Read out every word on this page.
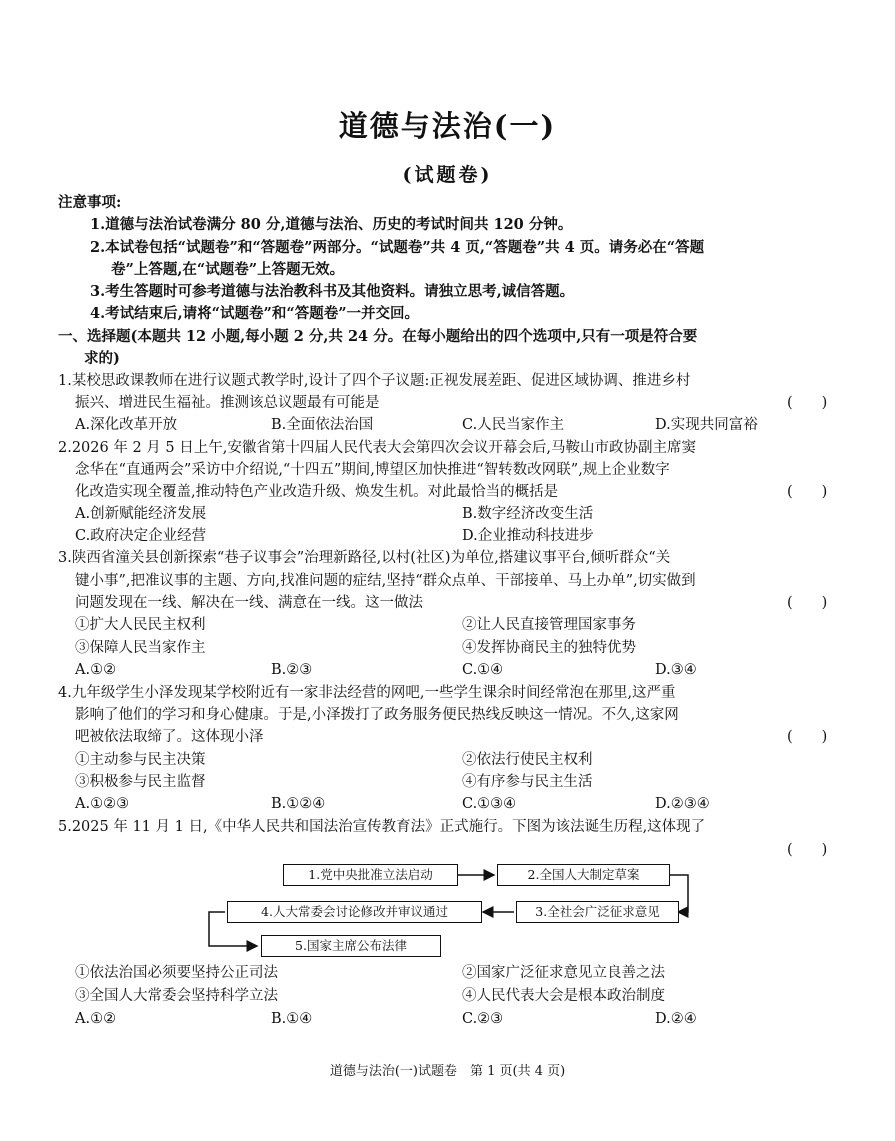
道德与法治(一)
(试题卷)
注意事项:
1.道德与法治试卷满分 80 分,道德与法治、历史的考试时间共 120 分钟。
2.本试卷包括“试题卷”和“答题卷”两部分。“试题卷”共 4 页,“答题卷”共 4 页。请务必在“答题
卷”上答题,在“试题卷”上答题无效。
3.考生答题时可参考道德与法治教科书及其他资料。请独立思考,诚信答题。
4.考试结束后,请将“试题卷”和“答题卷”一并交回。
一、选择题(本题共 12 小题,每小题 2 分,共 24 分。在每小题给出的四个选项中,只有一项是符合要
求的)
1.某校思政课教师在进行议题式教学时,设计了四个子议题:正视发展差距、促进区域协调、推进乡村
振兴、增进民生福祉。推测该总议题最有可能是	(　　)
A.深化改革开放	B.全面依法治国	C.人民当家作主	D.实现共同富裕
2.2026 年 2 月 5 日上午,安徽省第十四届人民代表大会第四次会议开幕会后,马鞍山市政协副主席窦
念华在“直通两会”采访中介绍说,“十四五”期间,博望区加快推进“智转数改网联”,规上企业数字
化改造实现全覆盖,推动特色产业改造升级、焕发生机。对此最恰当的概括是	(　　)
A.创新赋能经济发展	B.数字经济改变生活
C.政府决定企业经营	D.企业推动科技进步
3.陕西省潼关县创新探索“巷子议事会”治理新路径,以村(社区)为单位,搭建议事平台,倾听群众“关
键小事”,把准议事的主题、方向,找准问题的症结,坚持“群众点单、干部接单、马上办单”,切实做到
问题发现在一线、解决在一线、满意在一线。这一做法	(　　)
①扩大人民民主权利	②让人民直接管理国家事务
③保障人民当家作主	④发挥协商民主的独特优势
A.①②	B.②③	C.①④	D.③④
4.九年级学生小泽发现某学校附近有一家非法经营的网吧,一些学生课余时间经常泡在那里,这严重
影响了他们的学习和身心健康。于是,小泽拨打了政务服务便民热线反映这一情况。不久,这家网
吧被依法取缔了。这体现小泽	(　　)
①主动参与民主决策	②依法行使民主权利
③积极参与民主监督	④有序参与民主生活
A.①②③	B.①②④	C.①③④	D.②③④
5.2025 年 11 月 1 日,《中华人民共和国法治宣传教育法》正式施行。下图为该法诞生历程,这体现了
(　　)
1.党中央批准立法启动	2.全国人大制定草案
3.全社会广泛征求意见
4.人大常委会讨论修改并审议通过
5.国家主席公布法律
①依法治国必须要坚持公正司法	②国家广泛征求意见立良善之法
③全国人大常委会坚持科学立法	④人民代表大会是根本政治制度
A.①②	B.①④	C.②③	D.②④
道德与法治(一)试题卷　第 1 页(共 4 页)
